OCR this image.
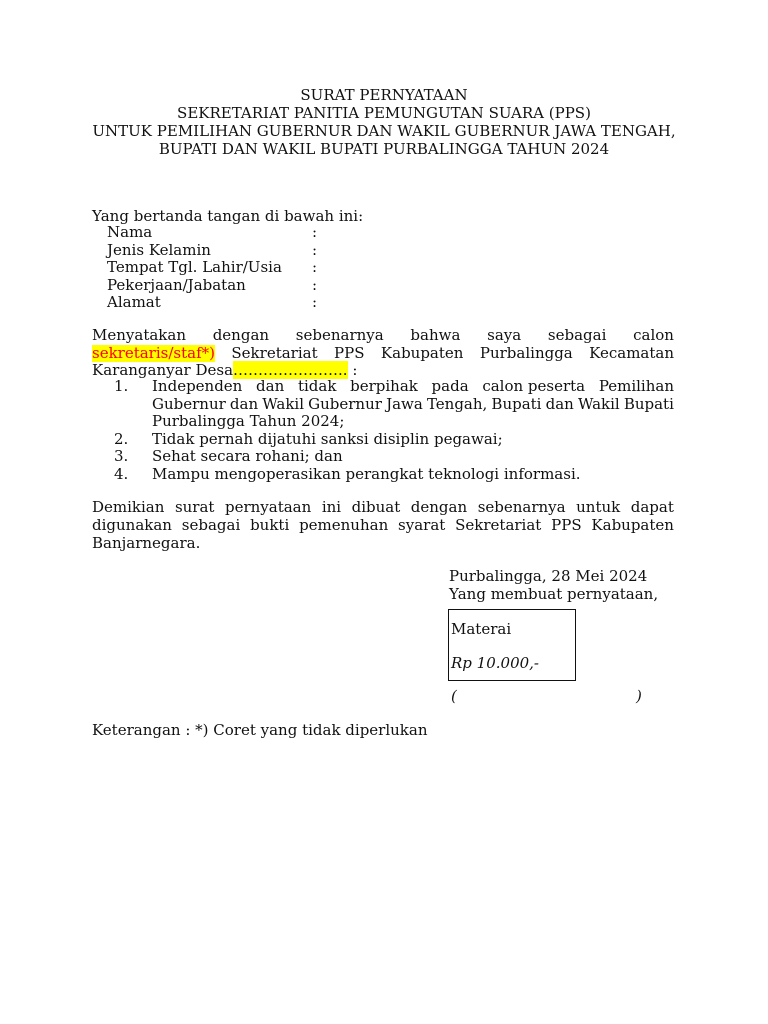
SURAT PERNYATAAN
SEKRETARIAT PANITIA PEMUNGUTAN SUARA (PPS)
UNTUK PEMILIHAN GUBERNUR DAN WAKIL GUBERNUR JAWA TENGAH,
BUPATI DAN WAKIL BUPATI PURBALINGGA TAHUN 2024
Yang bertanda tangan di bawah ini:
Nama	:
Jenis Kelamin	:
Tempat Tgl. Lahir/Usia	:
Pekerjaan/Jabatan	:
Alamat	:
Menyatakan dengan sebenarnya bahwa saya sebagai calon
sekretaris/staf*) Sekretariat PPS Kabupaten Purbalingga Kecamatan
Karanganyar Desa………………….. :
1.	Independen dan tidak berpihak pada calon peserta Pemilihan
Gubernur dan Wakil Gubernur Jawa Tengah, Bupati dan Wakil Bupati
Purbalingga Tahun 2024;
2.	Tidak pernah dijatuhi sanksi disiplin pegawai;
3.	Sehat secara rohani; dan
4.	Mampu mengoperasikan perangkat teknologi informasi.
Demikian surat pernyataan ini dibuat dengan sebenarnya untuk dapat
digunakan sebagai bukti pemenuhan syarat Sekretariat PPS Kabupaten
Banjarnegara.
Purbalingga, 28 Mei 2024
Yang membuat pernyataan,
Materai
Rp 10.000,-
(	)
Keterangan : *) Coret yang tidak diperlukan
